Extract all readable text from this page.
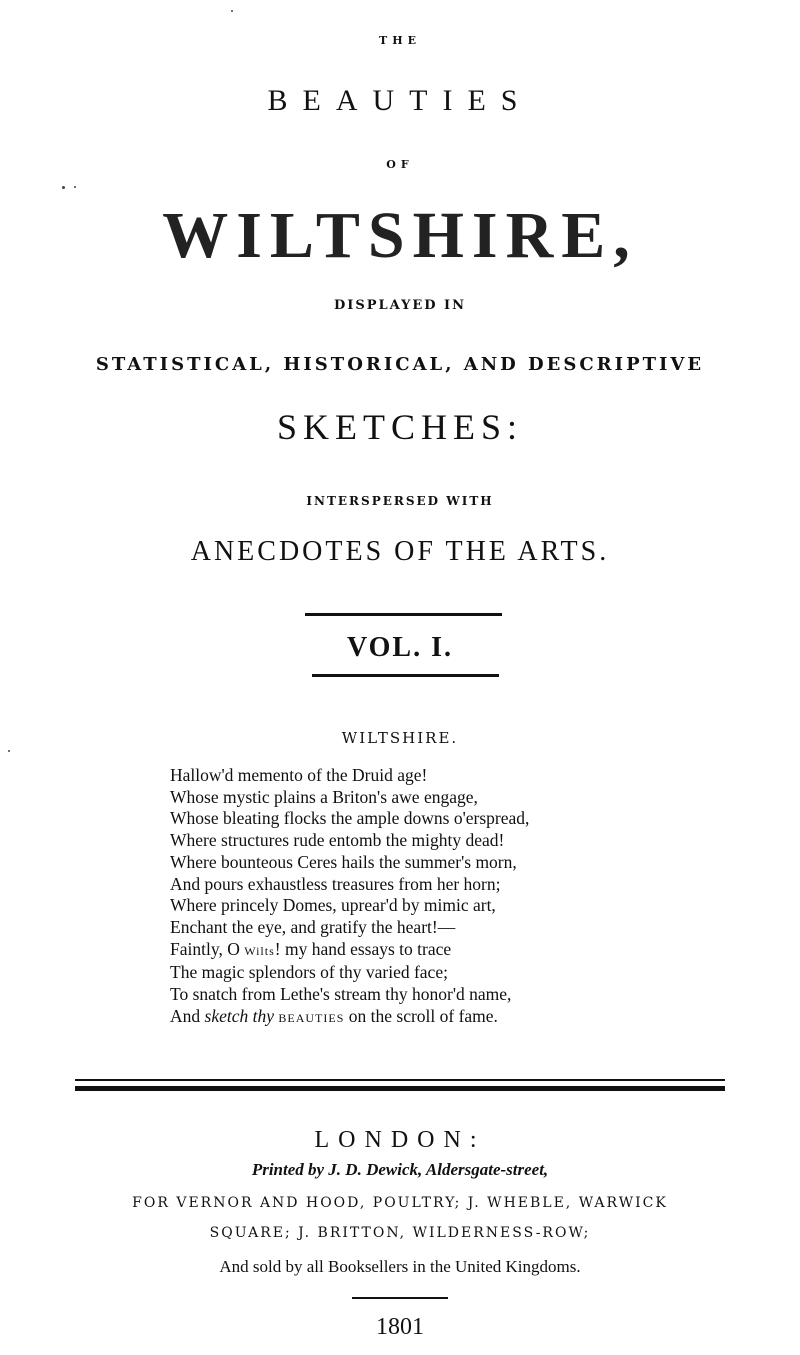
THE
BEAUTIES
OF
WILTSHIRE,
DISPLAYED IN
STATISTICAL, HISTORICAL, AND DESCRIPTIVE
SKETCHES:
INTERSPERSED WITH
ANECDOTES OF THE ARTS.
VOL. I.
WILTSHIRE.
Hallow'd memento of the Druid age!
Whose mystic plains a Briton's awe engage,
Whose bleating flocks the ample downs o'erspread,
Where structures rude entomb the mighty dead!
Where bounteous Ceres hails the summer's morn,
And pours exhaustless treasures from her horn;
Where princely Domes, uprear'd by mimic art,
Enchant the eye, and gratify the heart!—
Faintly, O Wilts! my hand essays to trace
The magic splendors of thy varied face;
To snatch from Lethe's stream thy honor'd name,
And sketch thy BEAUTIES on the scroll of fame.
LONDON:
Printed by J. D. Dewick, Aldersgate-street,
FOR VERNOR AND HOOD, POULTRY; J. WHEBLE, WARWICK
SQUARE; J. BRITTON, WILDERNESS-ROW;
And sold by all Booksellers in the United Kingdoms.
1801
